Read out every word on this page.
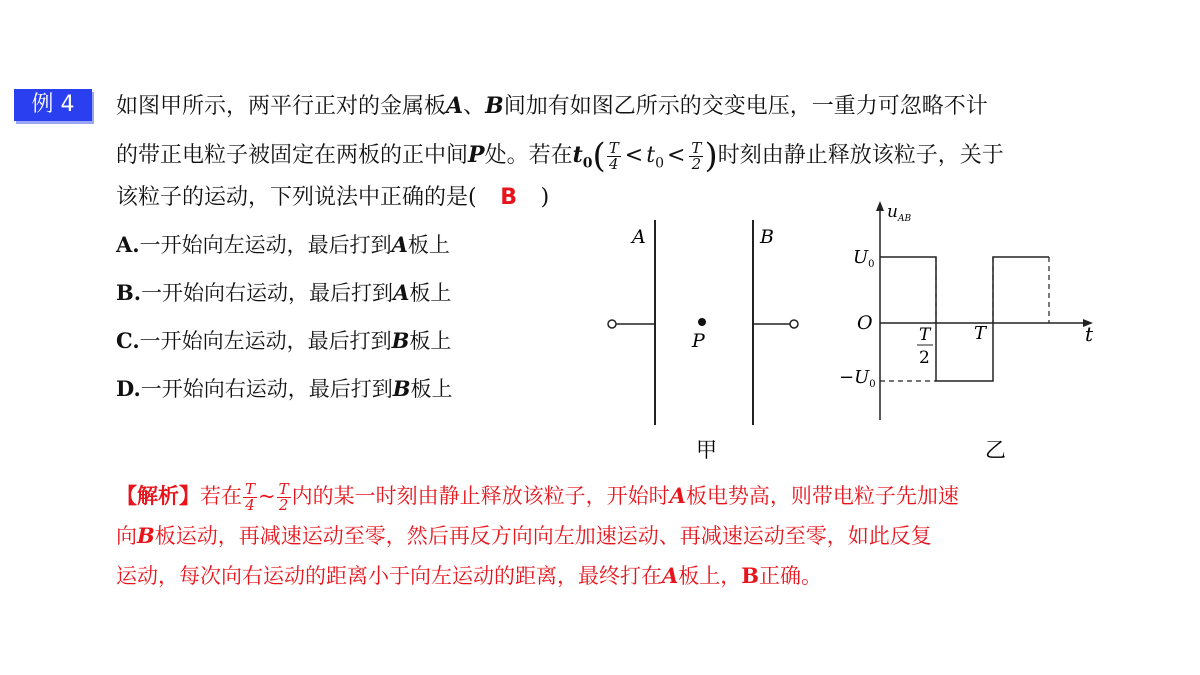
例 4	如图甲所示，两平行正对的金属板A、B间加有如图乙所示的交变电压，一重力可忽略不计
的带正电粒子被固定在两板的正中间P处。若在$t_0( \frac{T}{4} < t_0 < \frac{T}{2}$ )时刻由静止释放该粒子，关于
该粒子的运动，下列说法中正确的是( B )
A.一开始向左运动，最后打到A板上
B.一开始向右运动，最后打到A板上
C.一开始向左运动，最后打到B板上
D.一开始向右运动，最后打到B板上
A	B
P
甲
$u_{AB}$
t
O
$U_0$
$-U_0$
T
2
T
乙
【解析】若在 $\frac{T}{4}$ ~ $\frac{T}{2}$ 内的某一时刻由静止释放该粒子，开始时A板电势高，则带电粒子先加速
向B板运动，再减速运动至零，然后再反方向向左加速运动、再减速运动至零，如此反复
运动，每次向右运动的距离小于向左运动的距离，最终打在A板上，B正确。
